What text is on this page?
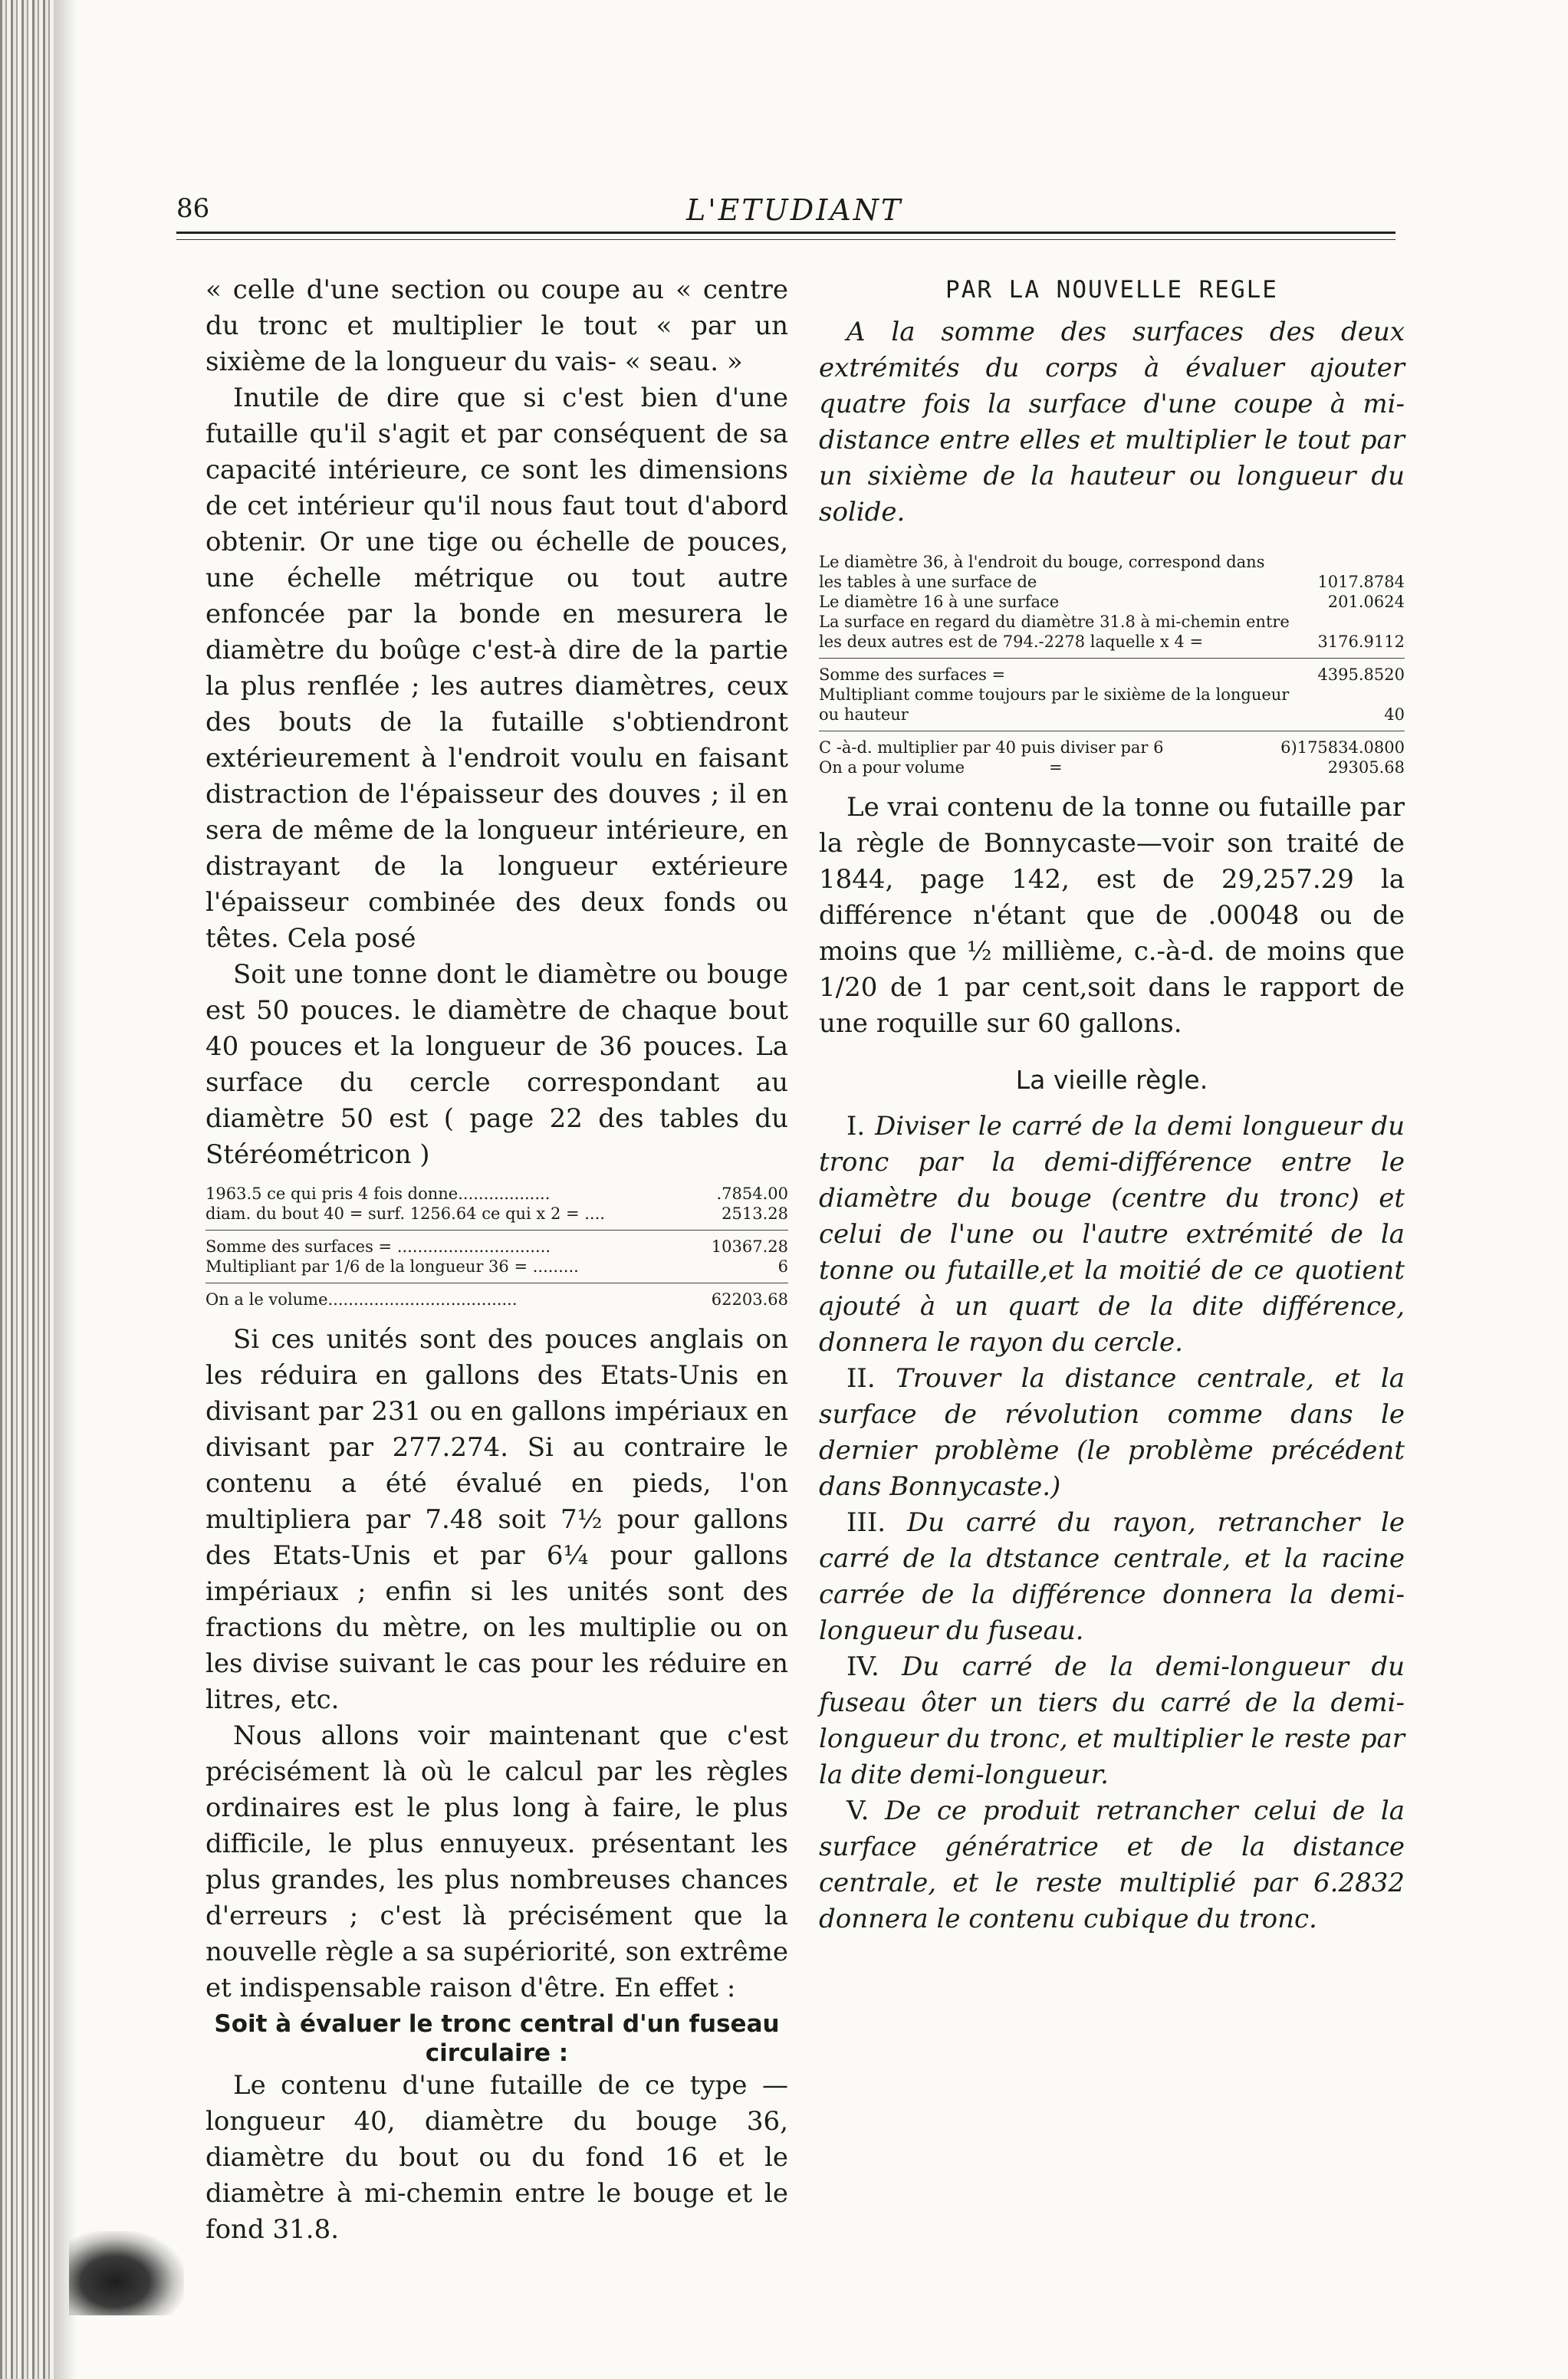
86	L'ETUDIANT

« celle d'une section ou coupe au « centre du tronc et multiplier le tout « par un sixième de la longueur du vais- « seau. »

Inutile de dire que si c'est bien d'une futaille qu'il s'agit et par conséquent de sa capacité intérieure, ce sont les dimensions de cet intérieur qu'il nous faut tout d'abord obtenir. Or une tige ou échelle de pouces, une échelle métrique ou tout autre enfoncée par la bonde en mesurera le diamètre du boûge c'est-à dire de la partie la plus renflée ; les autres diamètres, ceux des bouts de la futaille s'obtiendront extérieurement à l'endroit voulu en faisant distraction de l'épaisseur des douves ; il en sera de même de la longueur intérieure, en distrayant de la longueur extérieure l'épaisseur combinée des deux fonds ou têtes. Cela posé

Soit une tonne dont le diamètre ou bouge est 50 pouces. le diamètre de chaque bout 40 pouces et la longueur de 36 pouces. La surface du cercle correspondant au diamètre 50 est ( page 22 des tables du Stéréométricon )

1963.5 ce qui pris 4 fois donne..................	.7854.00
diam. du bout 40 = surf. 1256.64 ce qui x 2 = ....	2513.28
Somme des surfaces = ..............................	10367.28
Multipliant par 1/6 de la longueur 36 = .........	6
On a le volume.....................................	62203.68

Si ces unités sont des pouces anglais on les réduira en gallons des Etats-Unis en divisant par 231 ou en gallons impériaux en divisant par 277.274. Si au contraire le contenu a été évalué en pieds, l'on multipliera par 7.48 soit 7½ pour gallons des Etats-Unis et par 6¼ pour gallons impériaux ; enfin si les unités sont des fractions du mètre, on les multiplie ou on les divise suivant le cas pour les réduire en litres, etc.

Nous allons voir maintenant que c'est précisément là où le calcul par les règles ordinaires est le plus long à faire, le plus difficile, le plus ennuyeux. présentant les plus grandes, les plus nombreuses chances d'erreurs ; c'est là précisément que la nouvelle règle a sa supériorité, son extrême et indispensable raison d'être. En effet :

Soit à évaluer le tronc central d'un fuseau circulaire :

Le contenu d'une futaille de ce type — longueur 40, diamètre du bouge 36, diamètre du bout ou du fond 16 et le diamètre à mi-chemin entre le bouge et le fond 31.8.

PAR LA NOUVELLE REGLE

A la somme des surfaces des deux extrémités du corps à évaluer ajouter quatre fois la surface d'une coupe à mi-distance entre elles et multiplier le tout par un sixième de la hauteur ou longueur du solide.

Le diamètre 36, à l'endroit du bouge, correspond dans les tables à une surface de	1017.8784
Le diamètre 16 à une surface	201.0624
La surface en regard du diamètre 31.8 à mi-chemin entre les deux autres est de 794.-2278 laquelle x 4 =	3176.9112
Somme des surfaces =	4395.8520
Multipliant comme toujours par le sixième de la longueur ou hauteur	40
C -à-d. multiplier par 40 puis diviser par 6	6)175834.0800
On a pour volume	=	29305.68

Le vrai contenu de la tonne ou futaille par la règle de Bonnycaste—voir son traité de 1844, page 142, est de 29,257.29 la différence n'étant que de .00048 ou de moins que ½ millième, c.-à-d. de moins que 1/20 de 1 par cent,soit dans le rapport de une roquille sur 60 gallons.

La vieille règle.

I. Diviser le carré de la demi longueur du tronc par la demi-différence entre le diamètre du bouge (centre du tronc) et celui de l'une ou l'autre extrémité de la tonne ou futaille,et la moitié de ce quotient ajouté à un quart de la dite différence, donnera le rayon du cercle.

II. Trouver la distance centrale, et la surface de révolution comme dans le dernier problème (le problème précédent dans Bonnycaste.)

III. Du carré du rayon, retrancher le carré de la dtstance centrale, et la racine carrée de la différence donnera la demi-longueur du fuseau.

IV. Du carré de la demi-longueur du fuseau ôter un tiers du carré de la demi-longueur du tronc, et multiplier le reste par la dite demi-longueur.

V. De ce produit retrancher celui de la surface génératrice et de la distance centrale, et le reste multiplié par 6.2832 donnera le contenu cubique du tronc.
